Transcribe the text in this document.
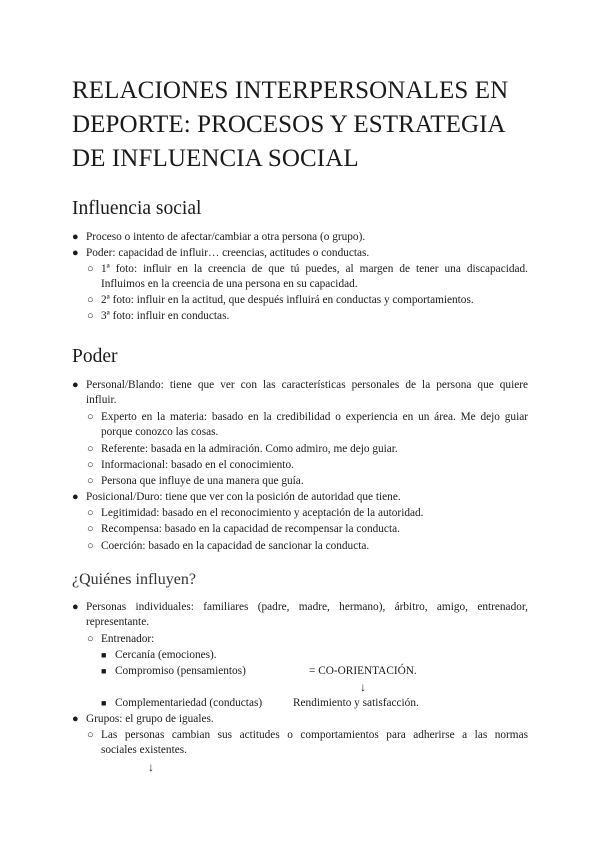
RELACIONES INTERPERSONALES EN DEPORTE: PROCESOS Y ESTRATEGIA DE INFLUENCIA SOCIAL
Influencia social
● Proceso o intento de afectar/cambiar a otra persona (o grupo).
● Poder: capacidad de influir… creencias, actitudes o conductas.
○ 1ª foto: influir en la creencia de que tú puedes, al margen de tener una discapacidad.
Influimos en la creencia de una persona en su capacidad.
○ 2ª foto: influir en la actitud, que después influirá en conductas y comportamientos.
○ 3ª foto: influir en conductas.
Poder
● Personal/Blando: tiene que ver con las características personales de la persona que quiere
influir.
○ Experto en la materia: basado en la credibilidad o experiencia en un área. Me dejo guiar
porque conozco las cosas.
○ Referente: basada en la admiración. Como admiro, me dejo guiar.
○ Informacional: basado en el conocimiento.
○ Persona que influye de una manera que guía.
● Posicional/Duro: tiene que ver con la posición de autoridad que tiene.
○ Legitimidad: basado en el reconocimiento y aceptación de la autoridad.
○ Recompensa: basado en la capacidad de recompensar la conducta.
○ Coerción: basado en la capacidad de sancionar la conducta.
¿Quiénes influyen?
● Personas individuales: familiares (padre, madre, hermano), árbitro, amigo, entrenador,
representante.
○ Entrenador:
■ Cercanía (emociones).
■ Compromiso (pensamientos)	= CO-ORIENTACIÓN.
↓
■ Complementariedad (conductas)	Rendimiento y satisfacción.
● Grupos: el grupo de iguales.
○ Las personas cambian sus actitudes o comportamientos para adherirse a las normas
sociales existentes.
↓
